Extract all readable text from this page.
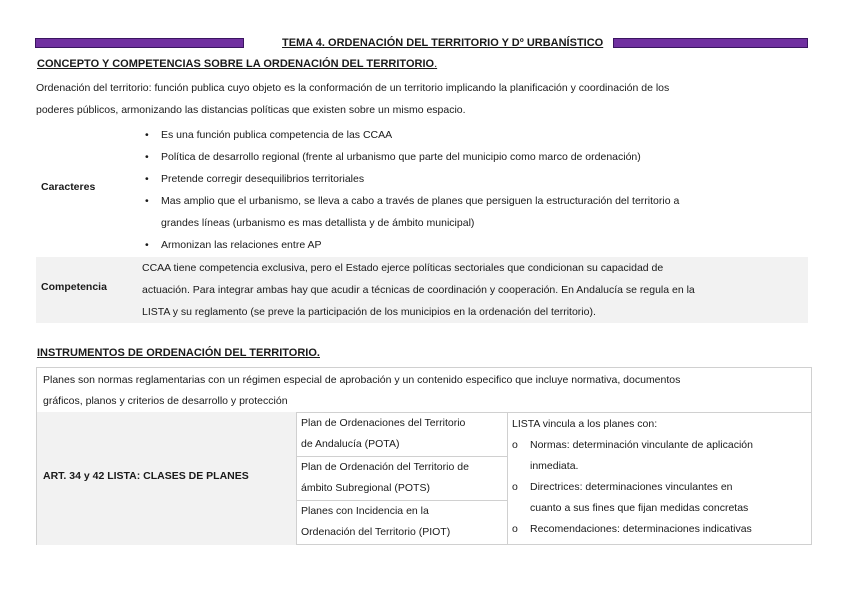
TEMA 4. ORDENACIÓN DEL TERRITORIO Y Dº URBANÍSTICO
CONCEPTO Y COMPETENCIAS SOBRE LA ORDENACIÓN DEL TERRITORIO.
Ordenación del territorio: función publica cuyo objeto es la conformación de un territorio implicando la planificación y coordinación de los
poderes públicos, armonizando las distancias políticas que existen sobre un mismo espacio.
Caracteres
• Es una función publica competencia de las CCAA
• Política de desarrollo regional (frente al urbanismo que parte del municipio como marco de ordenación)
• Pretende corregir desequilibrios territoriales
• Mas amplio que el urbanismo, se lleva a cabo a través de planes que persiguen la estructuración del territorio a
grandes líneas (urbanismo es mas detallista y de ámbito municipal)
• Armonizan las relaciones entre AP
Competencia
CCAA tiene competencia exclusiva, pero el Estado ejerce políticas sectoriales que condicionan su capacidad de
actuación. Para integrar ambas hay que acudir a técnicas de coordinación y cooperación. En Andalucía se regula en la
LISTA y su reglamento (se preve la participación de los municipios en la ordenación del territorio).
INSTRUMENTOS DE ORDENACIÓN DEL TERRITORIO.
Planes son normas reglamentarias con un régimen especial de aprobación y un contenido especifico que incluye normativa, documentos
gráficos, planos y criterios de desarrollo y protección
ART. 34 y 42 LISTA: CLASES DE PLANES
Plan de Ordenaciones del Territorio
de Andalucía (POTA)
Plan de Ordenación del Territorio de
ámbito Subregional (POTS)
Planes con Incidencia en la
Ordenación del Territorio (PIOT)
LISTA vincula a los planes con:
o Normas: determinación vinculante de aplicación
inmediata.
o Directrices: determinaciones vinculantes en
cuanto a sus fines que fijan medidas concretas
o Recomendaciones: determinaciones indicativas
